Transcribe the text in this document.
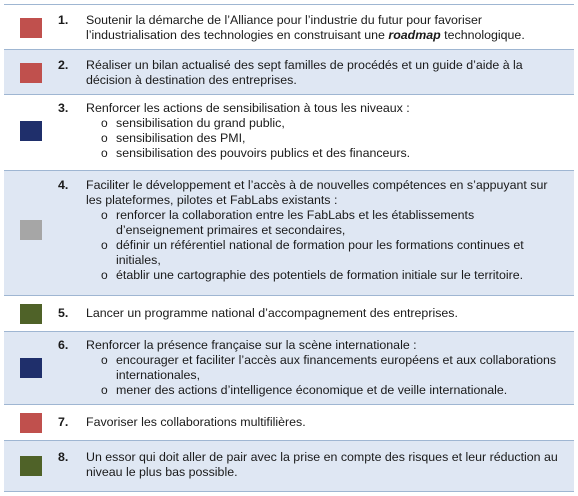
1. Soutenir la démarche de l’Alliance pour l’industrie du futur pour favoriser l’industrialisation des technologies en construisant une roadmap technologique.

2. Réaliser un bilan actualisé des sept familles de procédés et un guide d’aide à la décision à destination des entreprises.

3. Renforcer les actions de sensibilisation à tous les niveaux :

o sensibilisation du grand public,
o sensibilisation des PMI,
o sensibilisation des pouvoirs publics et des financeurs.
4. Faciliter le développement et l’accès à de nouvelles compétences en s’appuyant sur les plateformes, pilotes et FabLabs existants :

o renforcer la collaboration entre les FabLabs et les établissements d’enseignement primaires et secondaires,
o définir un référentiel national de formation pour les formations continues et initiales,
o établir une cartographie des potentiels de formation initiale sur le territoire.
5. Lancer un programme national d’accompagnement des entreprises.

6. Renforcer la présence française sur la scène internationale :

o encourager et faciliter l’accès aux financements européens et aux collaborations internationales,
o mener des actions d’intelligence économique et de veille internationale.
7. Favoriser les collaborations multifilières.

8. Un essor qui doit aller de pair avec la prise en compte des risques et leur réduction au niveau le plus bas possible.
